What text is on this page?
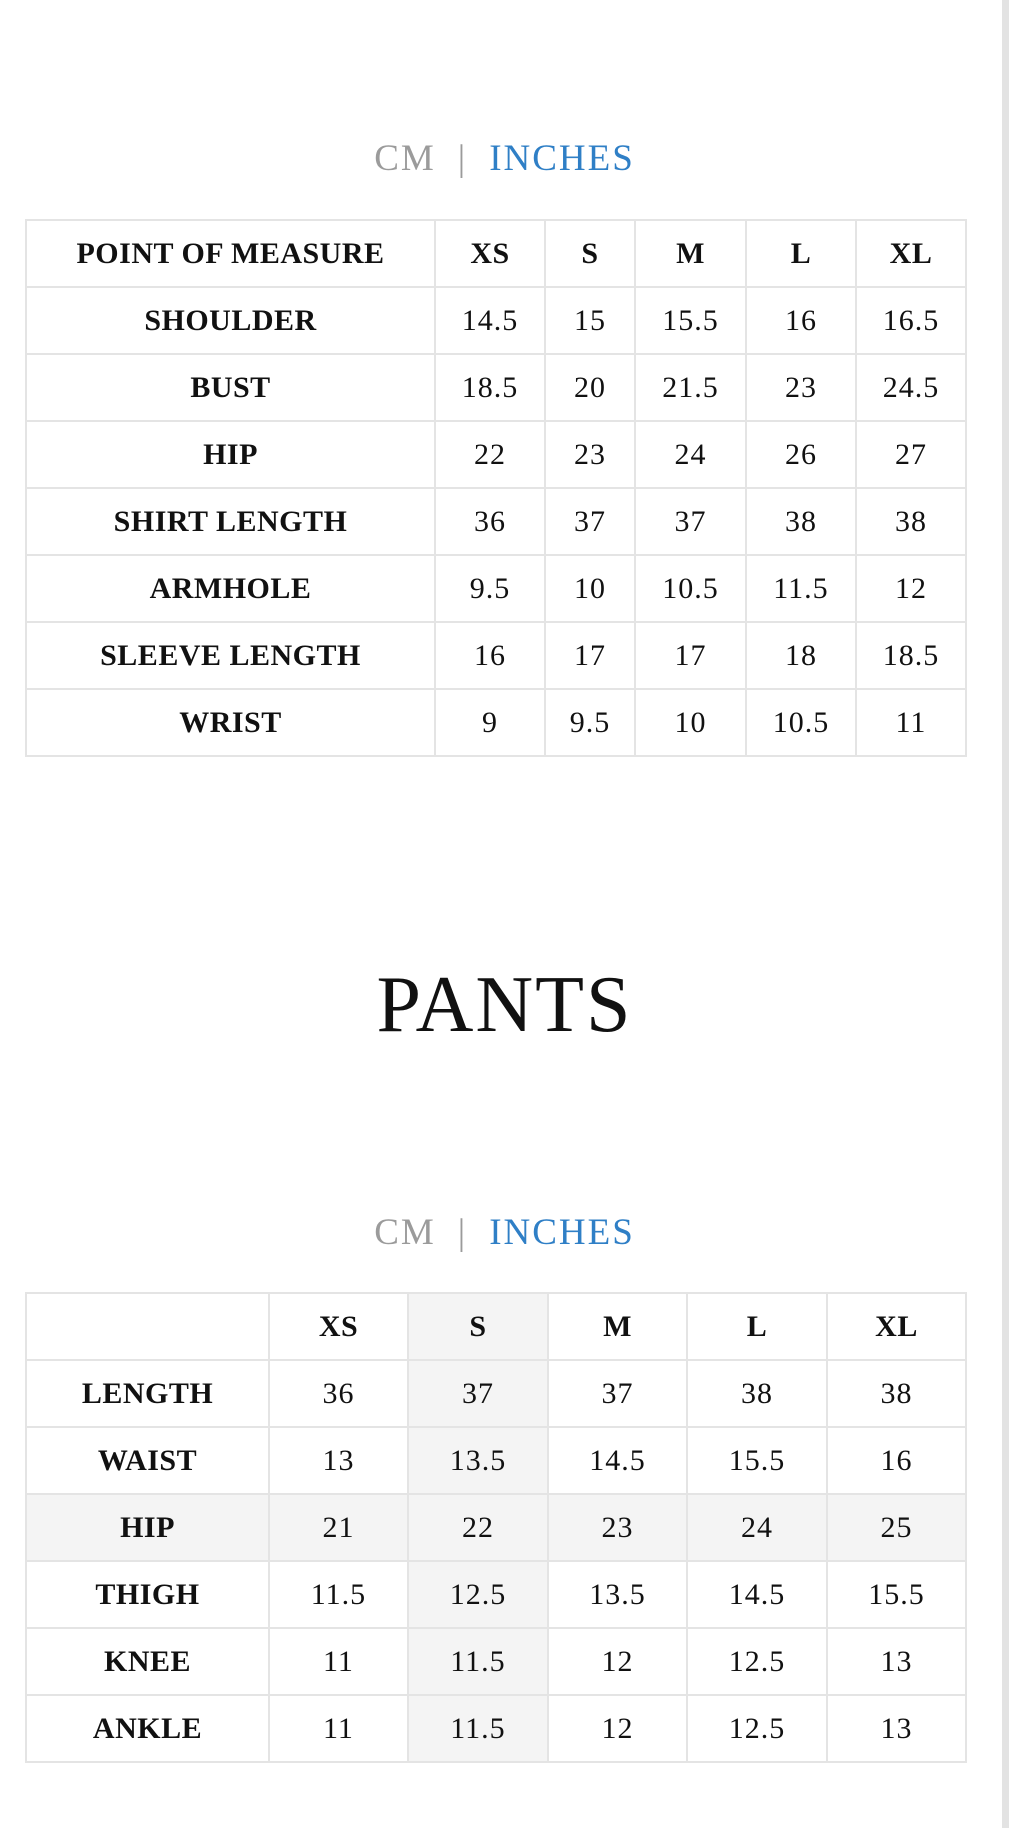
CM | INCHES
POINT OF MEASURE	XS	S	M	L	XL
SHOULDER	14.5	15	15.5	16	16.5
BUST	18.5	20	21.5	23	24.5
HIP	22	23	24	26	27
SHIRT LENGTH	36	37	37	38	38
ARMHOLE	9.5	10	10.5	11.5	12
SLEEVE LENGTH	16	17	17	18	18.5
WRIST	9	9.5	10	10.5	11
PANTS
CM | INCHES
	XS	S	M	L	XL
LENGTH	36	37	37	38	38
WAIST	13	13.5	14.5	15.5	16
HIP	21	22	23	24	25
THIGH	11.5	12.5	13.5	14.5	15.5
KNEE	11	11.5	12	12.5	13
ANKLE	11	11.5	12	12.5	13
